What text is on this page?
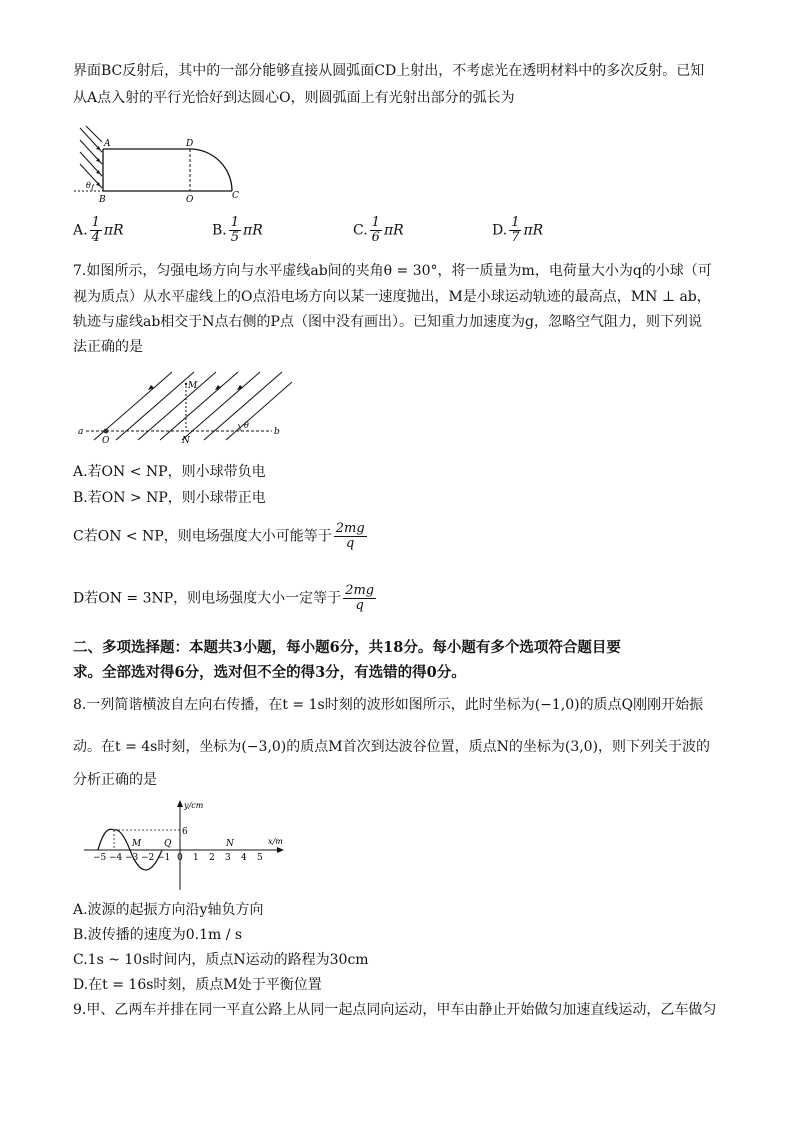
界面BC反射后，其中的一部分能够直接从圆弧面CD上射出，不考虑光在透明材料中的多次反射。已知
从A点入射的平行光恰好到达圆心O，则圆弧面上有光射出部分的弧长为
A	D
B	O	C
θ
A. $\frac{1}{4}$ πR	B. $\frac{1}{5}$ πR	C. $\frac{1}{6}$ πR	D. $\frac{1}{7}$ πR
7.如图所示，匀强电场方向与水平虚线ab间的夹角θ = 30°，将一质量为m，电荷量大小为q的小球（可
视为质点）从水平虚线上的O点沿电场方向以某一速度抛出，M是小球运动轨迹的最高点，MN ⊥ ab，
轨迹与虚线ab相交于N点右侧的P点（图中没有画出）。已知重力加速度为g，忽略空气阻力，则下列说
法正确的是
a	b
O
M
N
θ
A.若ON < NP，则小球带负电
B.若ON > NP，则小球带正电
C若ON < NP，则电场强度大小可能等于 $\frac{2mg}{q}$
D若ON = 3NP，则电场强度大小一定等于 $\frac{2mg}{q}$
二、多项选择题：本题共3小题，每小题6分，共18分。每小题有多个选项符合题目要
求。全部选对得6分，选对但不全的得3分，有选错的得0分。
8.一列简谐横波自左向右传播，在t = 1s时刻的波形如图所示，此时坐标为(−1,0)的质点Q刚刚开始振
动。在t = 4s时刻，坐标为(−3,0)的质点M首次到达波谷位置，质点N的坐标为(3,0)，则下列关于波的
分析正确的是
y/cm
x/m
6
M	Q	N
−5 −4 −3 −2 −1 0 1 2 3 4 5
A.波源的起振方向沿y轴负方向
B.波传播的速度为0.1m / s
C.1s ~ 10s时间内，质点N运动的路程为30cm
D.在t = 16s时刻，质点M处于平衡位置
9.甲、乙两车并排在同一平直公路上从同一起点同向运动，甲车由静止开始做匀加速直线运动，乙车做匀
